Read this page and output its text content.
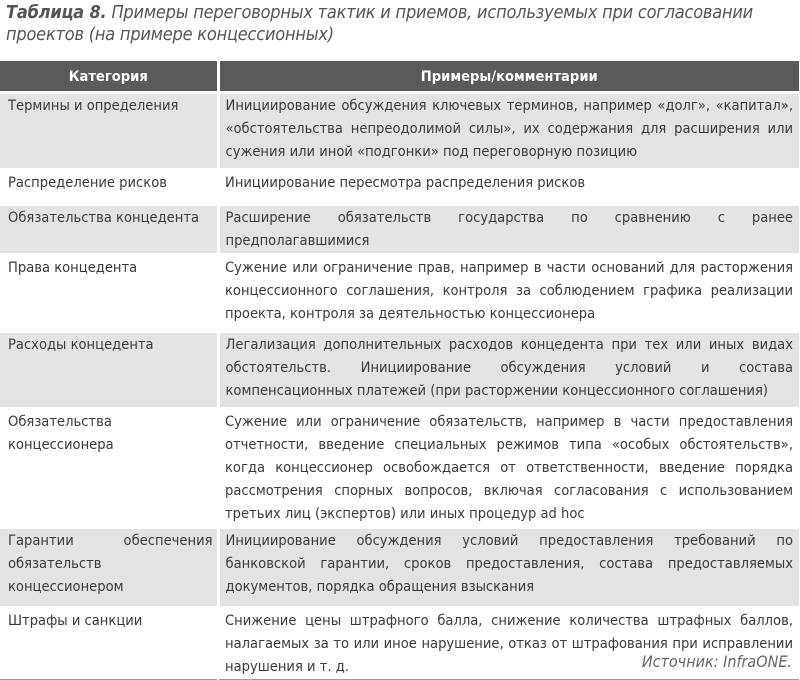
Таблица 8. Примеры переговорных тактик и приемов, используемых при согласовании проектов (на примере концессионных)
Категория	Примеры/комментарии
Термины и определения	Инициирование обсуждения ключевых терминов, например «долг», «капитал», «обстоятельства непреодолимой силы», их содержания для расширения или сужения или иной «подгонки» под переговорную позицию
Распределение рисков	Инициирование пересмотра распределения рисков
Обязательства концедента	Расширение обязательств государства по сравнению с ранее предполагавшимися
Права концедента	Сужение или ограничение прав, например в части оснований для расторжения концессионного соглашения, контроля за соблюдением графика реализации проекта, контроля за деятельностью концессионера
Расходы концедента	Легализация дополнительных расходов концедента при тех или иных видах обстоятельств. Инициирование обсуждения условий и состава компенсационных платежей (при расторжении концессионного соглашения)
Обязательства концессионера	Сужение или ограничение обязательств, например в части предоставления отчетности, введение специальных режимов типа «особых обстоятельств», когда концессионер освобождается от ответственности, введение порядка рассмотрения спорных вопросов, включая согласования с использованием третьих лиц (экспертов) или иных процедур ad hoc
Гарантии обеспечения обязательств концессионером	Инициирование обсуждения условий предоставления требований по банковской гарантии, сроков предоставления, состава предоставляемых документов, порядка обращения взыскания
Штрафы и санкции	Снижение цены штрафного балла, снижение количества штрафных баллов, налагаемых за то или иное нарушение, отказ от штрафования при исправлении нарушения и т. д.	Источник: InfraONE.
